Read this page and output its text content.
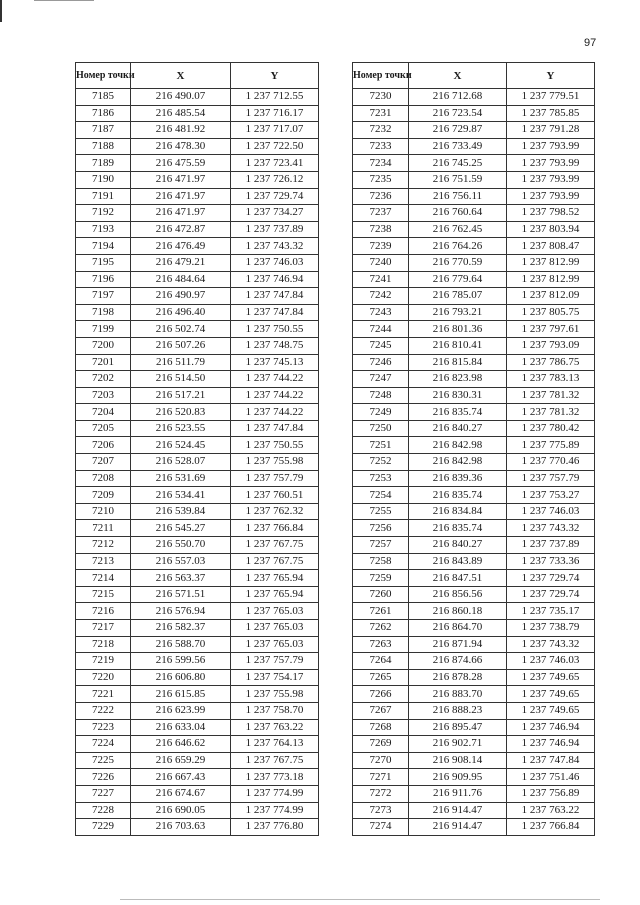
97
Номер точки	X	Y
7185	216 490.07	1 237 712.55
7186	216 485.54	1 237 716.17
7187	216 481.92	1 237 717.07
7188	216 478.30	1 237 722.50
7189	216 475.59	1 237 723.41
7190	216 471.97	1 237 726.12
7191	216 471.97	1 237 729.74
7192	216 471.97	1 237 734.27
7193	216 472.87	1 237 737.89
7194	216 476.49	1 237 743.32
7195	216 479.21	1 237 746.03
7196	216 484.64	1 237 746.94
7197	216 490.97	1 237 747.84
7198	216 496.40	1 237 747.84
7199	216 502.74	1 237 750.55
7200	216 507.26	1 237 748.75
7201	216 511.79	1 237 745.13
7202	216 514.50	1 237 744.22
7203	216 517.21	1 237 744.22
7204	216 520.83	1 237 744.22
7205	216 523.55	1 237 747.84
7206	216 524.45	1 237 750.55
7207	216 528.07	1 237 755.98
7208	216 531.69	1 237 757.79
7209	216 534.41	1 237 760.51
7210	216 539.84	1 237 762.32
7211	216 545.27	1 237 766.84
7212	216 550.70	1 237 767.75
7213	216 557.03	1 237 767.75
7214	216 563.37	1 237 765.94
7215	216 571.51	1 237 765.94
7216	216 576.94	1 237 765.03
7217	216 582.37	1 237 765.03
7218	216 588.70	1 237 765.03
7219	216 599.56	1 237 757.79
7220	216 606.80	1 237 754.17
7221	216 615.85	1 237 755.98
7222	216 623.99	1 237 758.70
7223	216 633.04	1 237 763.22
7224	216 646.62	1 237 764.13
7225	216 659.29	1 237 767.75
7226	216 667.43	1 237 773.18
7227	216 674.67	1 237 774.99
7228	216 690.05	1 237 774.99
7229	216 703.63	1 237 776.80
Номер точки	X	Y
7230	216 712.68	1 237 779.51
7231	216 723.54	1 237 785.85
7232	216 729.87	1 237 791.28
7233	216 733.49	1 237 793.99
7234	216 745.25	1 237 793.99
7235	216 751.59	1 237 793.99
7236	216 756.11	1 237 793.99
7237	216 760.64	1 237 798.52
7238	216 762.45	1 237 803.94
7239	216 764.26	1 237 808.47
7240	216 770.59	1 237 812.99
7241	216 779.64	1 237 812.99
7242	216 785.07	1 237 812.09
7243	216 793.21	1 237 805.75
7244	216 801.36	1 237 797.61
7245	216 810.41	1 237 793.09
7246	216 815.84	1 237 786.75
7247	216 823.98	1 237 783.13
7248	216 830.31	1 237 781.32
7249	216 835.74	1 237 781.32
7250	216 840.27	1 237 780.42
7251	216 842.98	1 237 775.89
7252	216 842.98	1 237 770.46
7253	216 839.36	1 237 757.79
7254	216 835.74	1 237 753.27
7255	216 834.84	1 237 746.03
7256	216 835.74	1 237 743.32
7257	216 840.27	1 237 737.89
7258	216 843.89	1 237 733.36
7259	216 847.51	1 237 729.74
7260	216 856.56	1 237 729.74
7261	216 860.18	1 237 735.17
7262	216 864.70	1 237 738.79
7263	216 871.94	1 237 743.32
7264	216 874.66	1 237 746.03
7265	216 878.28	1 237 749.65
7266	216 883.70	1 237 749.65
7267	216 888.23	1 237 749.65
7268	216 895.47	1 237 746.94
7269	216 902.71	1 237 746.94
7270	216 908.14	1 237 747.84
7271	216 909.95	1 237 751.46
7272	216 911.76	1 237 756.89
7273	216 914.47	1 237 763.22
7274	216 914.47	1 237 766.84
